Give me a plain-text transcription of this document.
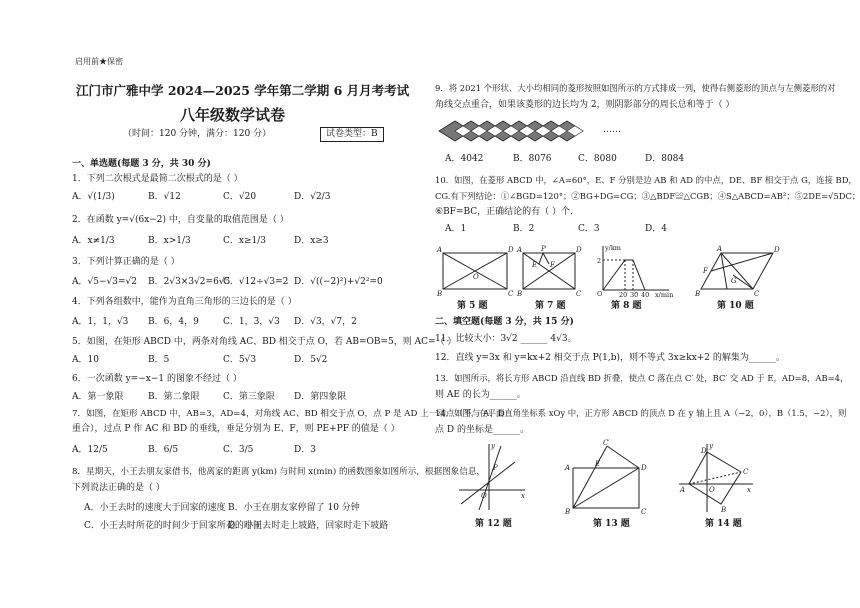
启用前★保密
江门市广雅中学 2024—2025 学年第二学期 6 月月考考试
八年级数学试卷
（时间：120 分钟，满分：120 分）	试卷类型：B
一、单选题(每题 3 分，共 30 分)
1．下列二次根式是最简二次根式的是（ ）
A．√(1/3)	B．√12	C．√20	D．√2/3
2．在函数 y=√(6x−2) 中，自变量的取值范围是（ ）
A．x≠1/3	B．x>1/3	C．x≥1/3	D．x≥3
3．下列计算正确的是（ ）
A．√5−√3=√2 B．2√3×3√2=6√5
C．√12÷√3=2 D．√((−2)²)+√2²=0
4．下列各组数中，能作为直角三角形的三边长的是（ ）
A．1，1，√3 B．6，4，9	C．1，3，√3 D．√3，√7，2
5．如图，在矩形 ABCD 中，两条对角线 AC、BD 相交于点 O，若 AB=OB=5，则 AC=（ ）
A．10	B．5	C．5√3	D．5√2
6．一次函数 y=−x−1 的图象不经过（ ）
A．第一象限	B．第二象限	C．第三象限 D．第四象限
7．如图，在矩形 ABCD 中，AB=3，AD=4，对角线 AC、BD 相交于点 O，点 P 是 AD 上一动点（不与 A、D
重合），过点 P 作 AC 和 BD 的垂线，垂足分别为 E、F，则 PE+PF 的值是（ ）
A．12/5	B．6/5	C．3/5	D．3
8．星期天，小王去朋友家借书，他离家的距离 y(km) 与时间 x(min) 的函数图象如图所示，根据图象信息，
下列说法正确的是（ ）
A．小王去时的速度大于回家的速度 B．小王在朋友家停留了 10 分钟
C．小王去时所花的时间少于回家所花的时间
D．小王去时走上坡路，回家时走下坡路
9．将 2021 个形状、大小均相同的菱形按照如图所示的方式排成一列，使得右侧菱形的顶点与左侧菱形的对
角线交点重合，如果该菱形的边长均为 2，则阴影部分的周长总和等于（ ）
……
A．4042	B．8076	C．8080	D．8084
10．如图，在菱形 ABCD 中，∠A=60°，E、F 分别是边 AB 和 AD 的中点，DE、BF 相交于点 G，连接 BD，
CG.有下列结论：①∠BGD=120°；②BG+DG=CG；③△BDF≌△CGB；④S△ABCD=AB²；⑤2DE=√5DC；
⑥BF=BC，正确结论的有（ ）个.
A．1	B．2	C．3	D．4
A	D
B	C
O
第 5 题
A	P	D
E F
B	C
第 7 题
y/km
2
O	20 30 40 x/min
第 8 题
A	D
F
G
B	C
第 10 题
二、填空题(每题 3 分，共 15 分)
11．比较大小：3√2 ______ 4√3。
12．直线 y=3x 和 y=kx+2 相交于点 P(1,b)，则不等式 3x≥kx+2 的解集为______。
13．如图所示，将长方形 ABCD 沿直线 BD 折叠，使点 C 落在点 C′ 处，BC′ 交 AD 于 E，AD=8，AB=4，
则 AE 的长为______。
14．如图，在平面直角坐标系 xOy 中，正方形 ABCD 的顶点 D 在 y 轴上且 A（−2，0），B（1.5，−2），则
点 D 的坐标是______。
y
x
P
O
第 12 题
A	E
C′
D
B	C
第 13 题
y
D
A	O	x
C
B
第 14 题
